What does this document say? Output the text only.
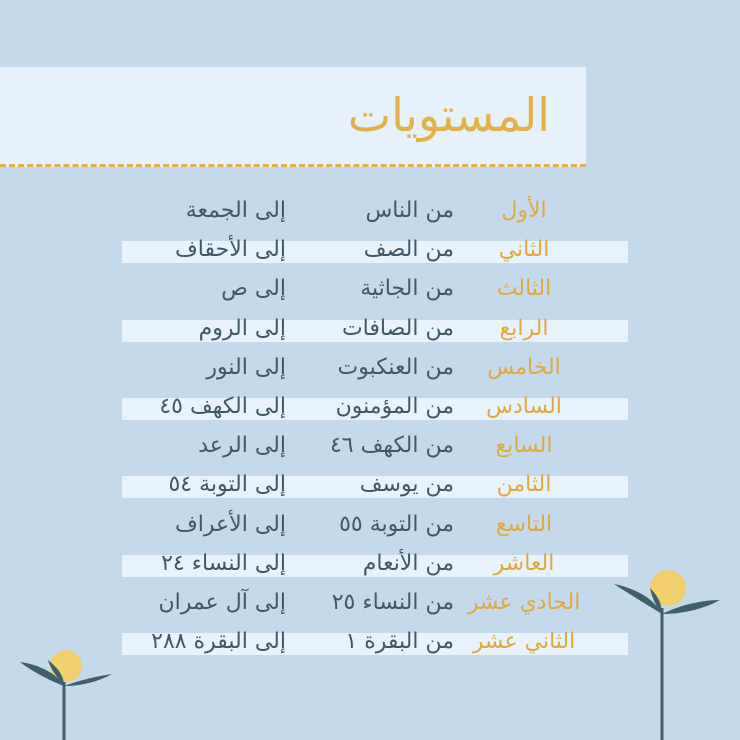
المستويات
الأول
من الناس
إلى الجمعة
الثاني
من الصف
إلى الأحقاف
الثالث
من الجاثية
إلى ص
الرابع
من الصافات
إلى الروم
الخامس
من العنكبوت
إلى النور
السادس
من المؤمنون
إلى الكهف ٤٥
السابع
من الكهف ٤٦
إلى الرعد
الثامن
من يوسف
إلى التوبة ٥٤
التاسع
من التوبة ٥٥
إلى الأعراف
العاشر
من الأنعام
إلى النساء ٢٤
الحادي عشر
من النساء ٢٥
إلى آل عمران
الثاني عشر
من البقرة ١
إلى البقرة ٢٨٨
